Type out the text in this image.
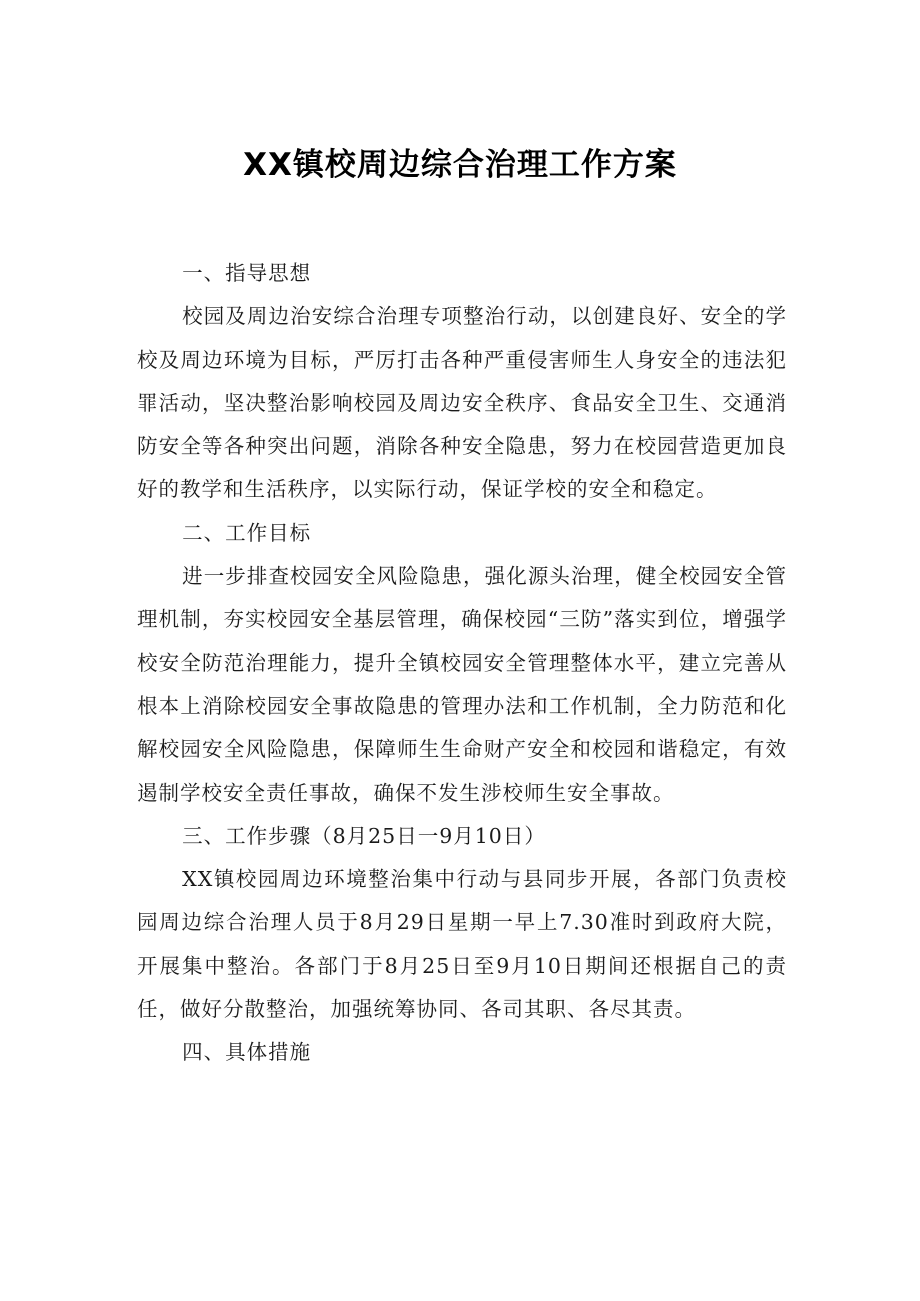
XX镇校周边综合治理工作方案

一、指导思想

校园及周边治安综合治理专项整治行动，以创建良好、安全的学校及周边环境为目标，严厉打击各种严重侵害师生人身安全的违法犯罪活动，坚决整治影响校园及周边安全秩序、食品安全卫生、交通消防安全等各种突出问题，消除各种安全隐患，努力在校园营造更加良好的教学和生活秩序，以实际行动，保证学校的安全和稳定。

二、工作目标

进一步排查校园安全风险隐患，强化源头治理，健全校园安全管理机制，夯实校园安全基层管理，确保校园“三防”落实到位，增强学校安全防范治理能力，提升全镇校园安全管理整体水平，建立完善从根本上消除校园安全事故隐患的管理办法和工作机制，全力防范和化解校园安全风险隐患，保障师生生命财产安全和校园和谐稳定，有效遏制学校安全责任事故，确保不发生涉校师生安全事故。

三、工作步骤（8月25日一9月10日）

XX镇校园周边环境整治集中行动与县同步开展，各部门负责校园周边综合治理人员于8月29日星期一早上7.30准时到政府大院，开展集中整治。各部门于8月25日至9月10日期间还根据自己的责任，做好分散整治，加强统筹协同、各司其职、各尽其责。

四、具体措施
